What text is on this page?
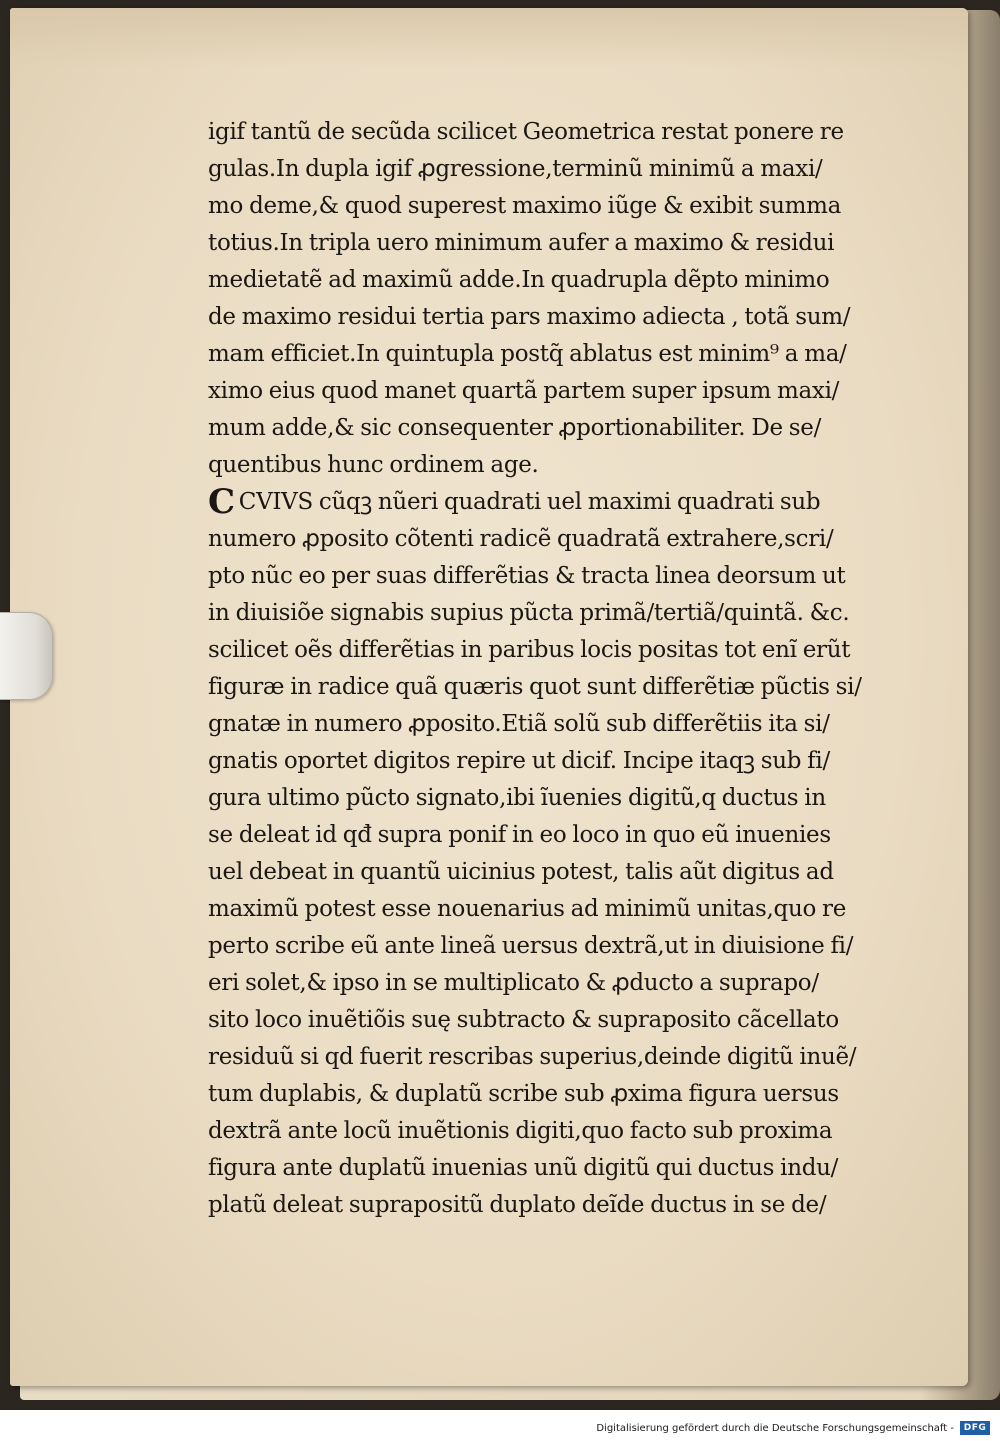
igif tantũ de secũda scilicet Geometrica restat ponere re
gulas.In dupla igif ꝓgressione,terminũ minimũ a maxi/
mo deme,& quod superest maximo iũge & exibit summa
totius.In tripla uero minimum aufer a maximo & residui
medietatẽ ad maximũ adde.In quadrupla dẽpto minimo
de maximo residui tertia pars maximo adiecta , totã sum/
mam efficiet.In quintupla postq̃ ablatus est minim⁹ a ma/
ximo eius quod manet quartã partem super ipsum maxi/
mum adde,& sic consequenter ꝓportionabiliter. De se/
quentibus hunc ordinem age.
C CVIVS cũqꝫ nũeri quadrati uel maximi quadrati sub
numero ꝓposito cõtenti radicẽ quadratã extrahere,scri/
pto nũc eo per suas differẽtias & tracta linea deorsum ut
in diuisiõe signabis supius pũcta primã/tertiã/quintã. &c.
scilicet oẽs differẽtias in paribus locis positas tot enĩ erũt
figuræ in radice quã quæris quot sunt differẽtiæ pũctis si/
gnatæ in numero ꝓposito.Etiã solũ sub differẽtiis ita si/
gnatis oportet digitos repire ut dicif. Incipe itaqꝫ sub fi/
gura ultimo pũcto signato,ibi ĩuenies digitũ,q ductus in
se deleat id qđ supra ponif in eo loco in quo eũ inuenies
uel debeat in quantũ uicinius potest, talis aũt digitus ad
maximũ potest esse nouenarius ad minimũ unitas,quo re
perto scribe eũ ante lineã uersus dextrã,ut in diuisione fi/
eri solet,& ipso in se multiplicato & ꝓducto a suprapo/
sito loco inuẽtiõis suę subtracto & supraposito cãcellato
residuũ si qd fuerit rescribas superius,deinde digitũ inuẽ/
tum duplabis, & duplatũ scribe sub ꝓxima figura uersus
dextrã ante locũ inuẽtionis digiti,quo facto sub proxima
figura ante duplatũ inuenias unũ digitũ qui ductus indu/
platũ deleat suprapositũ duplato deĩde ductus in se de/
Digitalisierung gefördert durch die Deutsche Forschungsgemeinschaft -	DFG
